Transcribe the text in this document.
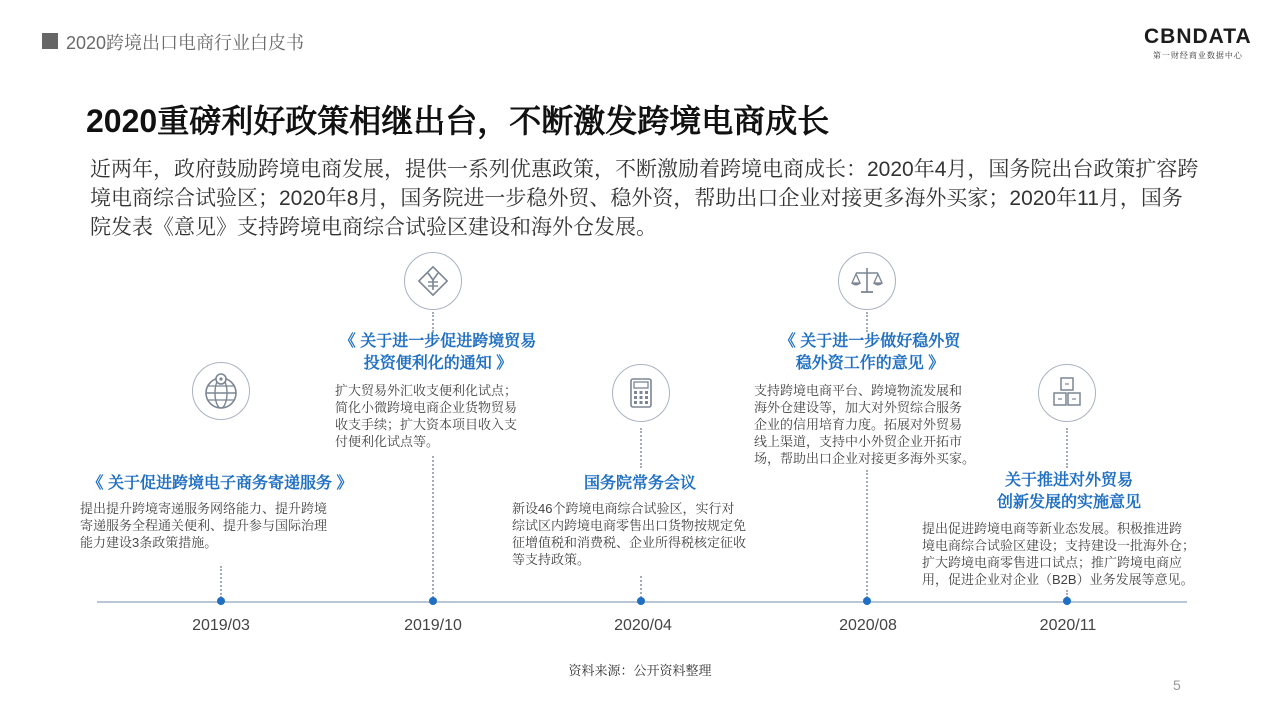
2020跨境出口电商行业白皮书	CBNDATA
第一财经商业数据中心
2020重磅利好政策相继出台，不断激发跨境电商成长
近两年，政府鼓励跨境电商发展，提供一系列优惠政策，不断激励着跨境电商成长：2020年4月，国务院出台政策扩容跨境电商综合试验区；2020年8月，国务院进一步稳外贸、稳外资，帮助出口企业对接更多海外买家；2020年11月，国务院发表《意见》支持跨境电商综合试验区建设和海外仓发展。
2019/03	2019/10	2020/04	2020/08	2020/11
《 关于促进跨境电子商务寄递服务 》
提出提升跨境寄递服务网络能力、提升跨境
寄递服务全程通关便利、提升参与国际治理
能力建设3条政策措施。
《 关于进一步促进跨境贸易
投资便利化的通知 》
扩大贸易外汇收支便利化试点；
简化小微跨境电商企业货物贸易
收支手续；扩大资本项目收入支
付便利化试点等。
国务院常务会议
新设46个跨境电商综合试验区，实行对
综试区内跨境电商零售出口货物按规定免
征增值税和消费税、企业所得税核定征收
等支持政策。
《 关于进一步做好稳外贸
稳外资工作的意见 》
支持跨境电商平台、跨境物流发展和
海外仓建设等，加大对外贸综合服务
企业的信用培育力度。拓展对外贸易
线上渠道，支持中小外贸企业开拓市
场，帮助出口企业对接更多海外买家。
关于推进对外贸易
创新发展的实施意见
提出促进跨境电商等新业态发展。积极推进跨
境电商综合试验区建设；支持建设一批海外仓；
扩大跨境电商零售进口试点；推广跨境电商应
用，促进企业对企业（B2B）业务发展等意见。
资料来源：公开资料整理
5
